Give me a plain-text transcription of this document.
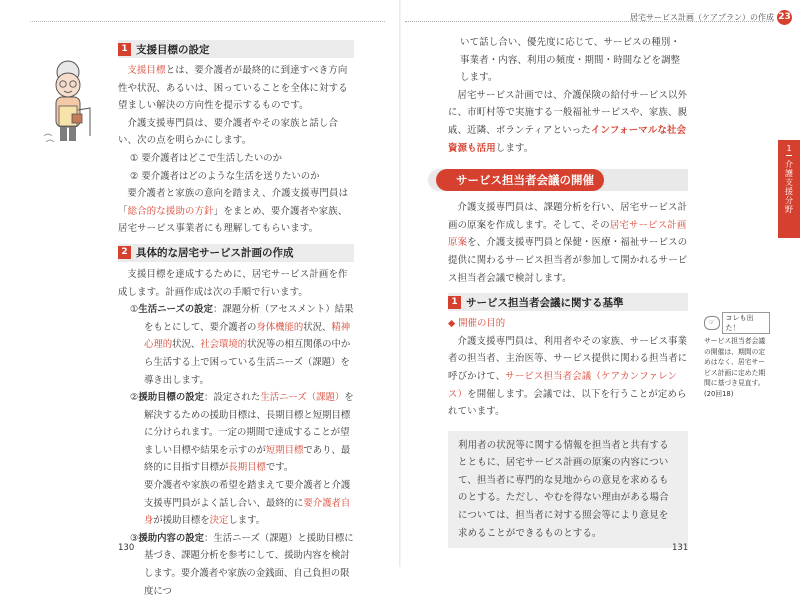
居宅サービス計画（ケアプラン）の作成 23
1
介護支援分野
1 支援目標の設定

支援目標とは、要介護者が最終的に到達すべき方向性や状況、あるいは、困っていることを全体に対する望ましい解決の方向性を提示するものです。

介護支援専門員は、要介護者やその家族と話し合い、次の点を明らかにします。

① 要介護者はどこで生活したいのか
② 要介護者はどのような生活を送りたいのか

要介護者と家族の意向を踏まえ、介護支援専門員は「総合的な援助の方針」をまとめ、要介護者や家族、居宅サービス事業者にも理解してもらいます。

2 具体的な居宅サービス計画の作成

支援目標を達成するために、居宅サービス計画を作成します。計画作成は次の手順で行います。

①生活ニーズの設定：課題分析（アセスメント）結果をもとにして、要介護者の身体機能的状況、精神心理的状況、社会環境的状況等の相互関係の中から生活する上で困っている生活ニーズ（課題）を導き出します。
②援助目標の設定：設定された生活ニーズ（課題）を解決するための援助目標は、長期目標と短期目標に分けられます。一定の期間で達成することが望ましい目標や結果を示すのが短期目標であり、最終的に目指す目標が長期目標です。
要介護者や家族の希望を踏まえて要介護者と介護支援専門員がよく話し合い、最終的に要介護者自身が援助目標を決定します。
③援助内容の設定：生活ニーズ（課題）と援助目標に基づき、課題分析を参考にして、援助内容を検討します。要介護者や家族の金銭面、自己負担の限度につ
130

いて話し合い、優先度に応じて、サービスの種別・事業者・内容、利用の頻度・期間・時間などを調整します。

居宅サービス計画では、介護保険の給付サービス以外に、市町村等で実施する一般福祉サービスや、家族、親戚、近隣、ボランティアといったインフォーマルな社会資源も活用します。

サービス担当者会議の開催

介護支援専門員は、課題分析を行い、居宅サービス計画の原案を作成します。そして、その居宅サービス計画原案を、介護支援専門員と保健・医療・福祉サービスの提供に関わるサービス担当者が参加して開かれるサービス担当者会議で検討します。

1 サービス担当者会議に関する基準
◆ 開催の目的

介護支援専門員は、利用者やその家族、サービス事業者の担当者、主治医等、サービス提供に関わる担当者に呼びかけて、サービス担当者会議（ケアカンファレンス）を開催します。会議では、以下を行うことが定められています。

利用者の状況等に関する情報を担当者と共有するとともに、居宅サービス計画の原案の内容について、担当者に専門的な見地からの意見を求めるものとする。ただし、やむを得ない理由がある場合については、担当者に対する照会等により意見を求めることができるものとする。

131
☞
コレも出た！
サービス担当者会議の開催は、期間の定めはなく、居宅サービス計画に定めた期間に基づき見直す。(20回18)
